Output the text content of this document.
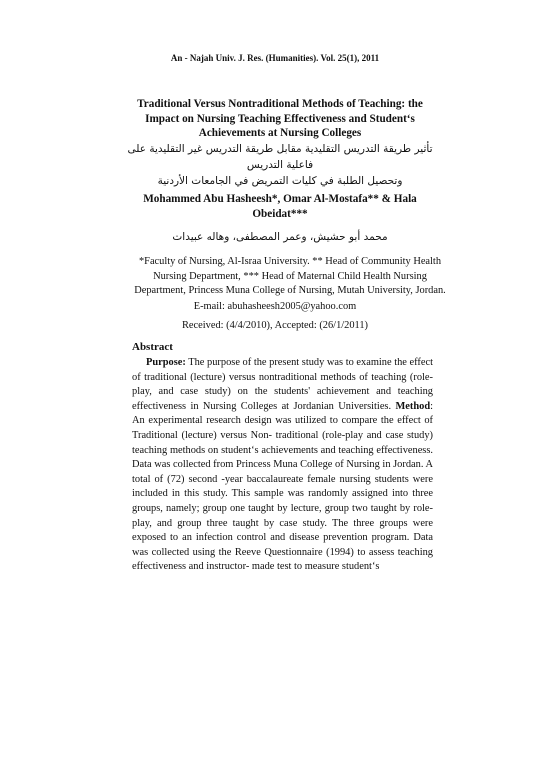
An - Najah Univ. J. Res. (Humanities). Vol. 25(1), 2011
Traditional Versus Nontraditional Methods of Teaching: the Impact on Nursing Teaching Effectiveness and Student‘s Achievements at Nursing Colleges
تأثير طريقة التدريس التقليدية مقابل طريقة التدريس غير التقليدية على فاعلية التدريس
وتحصيل الطلبة في كليات التمريض في الجامعات الأردنية
Mohammed Abu Hasheesh*, Omar Al-Mostafa** & Hala Obeidat***
محمد أبو حشيش، وعمر المصطفى، وهاله عبيدات
*Faculty of Nursing, Al-Israa University. ** Head of Community Health Nursing Department, *** Head of Maternal Child Health Nursing Department, Princess Muna College of Nursing, Mutah University, Jordan.
E-mail: abuhasheesh2005@yahoo.com
Received: (4/4/2010), Accepted: (26/1/2011)
Abstract
Purpose: The purpose of the present study was to examine the effect of traditional (lecture) versus nontraditional methods of teaching (role-play, and case study) on the students' achievement and teaching effectiveness in Nursing Colleges at Jordanian Universities. Method: An experimental research design was utilized to compare the effect of Traditional (lecture) versus Non- traditional (role-play and case study) teaching methods on student‘s achievements and teaching effectiveness. Data was collected from Princess Muna College of Nursing in Jordan. A total of (72) second -year baccalaureate female nursing students were included in this study. This sample was randomly assigned into three groups, namely; group one taught by lecture, group two taught by role-play, and group three taught by case study. The three groups were exposed to an infection control and disease prevention program. Data was collected using the Reeve Questionnaire (1994) to assess teaching effectiveness and instructor- made test to measure student‘s
